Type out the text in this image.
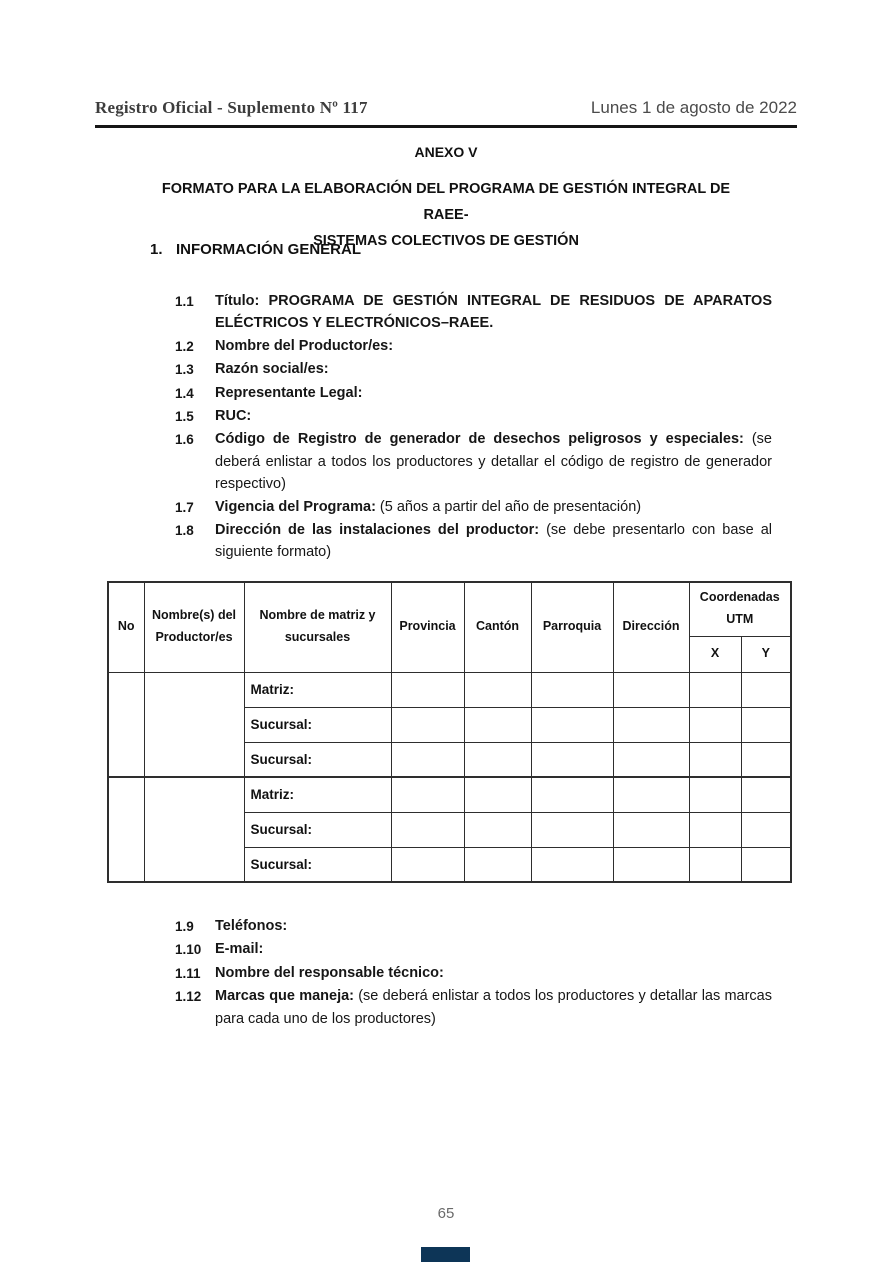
Registro Oficial - Suplemento Nº 117	Lunes 1 de agosto de 2022
ANEXO V
FORMATO PARA LA ELABORACIÓN DEL PROGRAMA DE GESTIÓN INTEGRAL DE RAEE-
SISTEMAS COLECTIVOS DE GESTIÓN
1. INFORMACIÓN GENERAL
1.1	Título: PROGRAMA DE GESTIÓN INTEGRAL DE RESIDUOS DE APARATOS ELÉCTRICOS Y ELECTRÓNICOS–RAEE.
1.2	Nombre del Productor/es:
1.3	Razón social/es:
1.4	Representante Legal:
1.5	RUC:
1.6	Código de Registro de generador de desechos peligrosos y especiales: (se deberá enlistar a todos los productores y detallar el código de registro de generador respectivo)
1.7	Vigencia del Programa: (5 años a partir del año de presentación)
1.8	Dirección de las instalaciones del productor: (se debe presentarlo con base al siguiente formato)
No	Nombre(s) del Productor/es	Nombre de matriz y sucursales	Provincia	Cantón	Parroquia	Dirección	Coordenadas UTM	
							X	Y
		Matriz:						
		Sucursal:						
		Sucursal:						
		Matriz:						
		Sucursal:						
		Sucursal:						
1.9	Teléfonos:
1.10 E-mail:
1.11 Nombre del responsable técnico:
1.12 Marcas que maneja: (se deberá enlistar a todos los productores y detallar las marcas para cada uno de los productores)
65
